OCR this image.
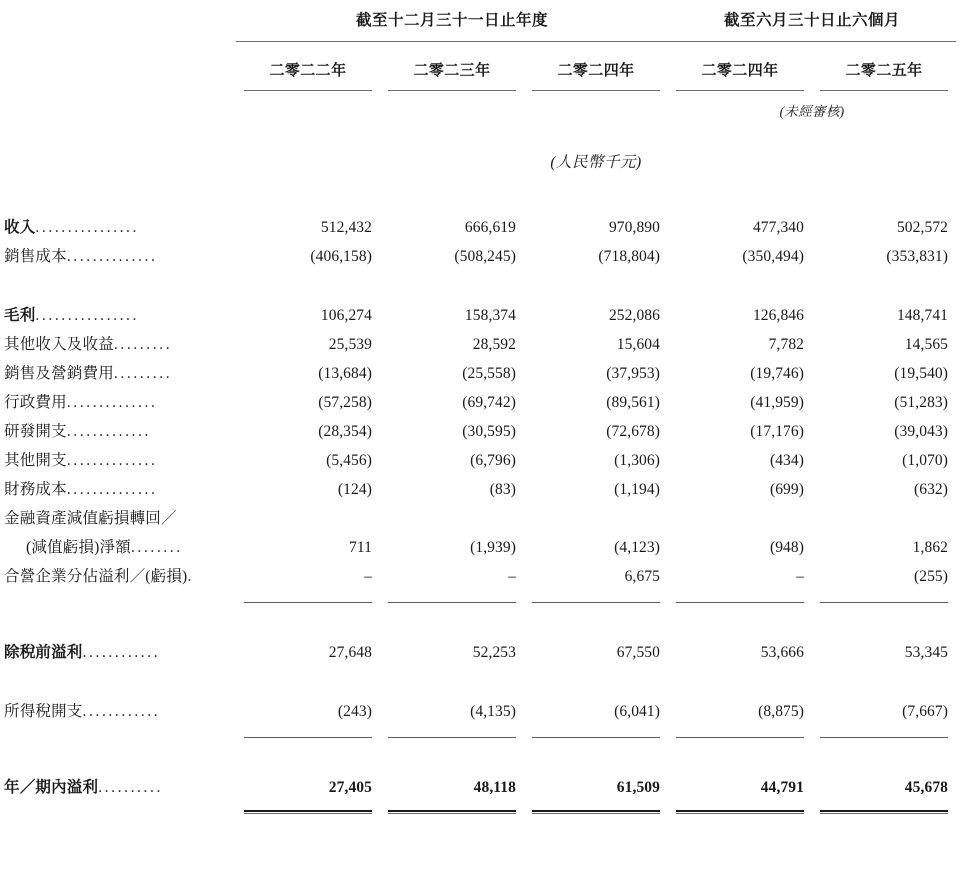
	截至十二月三十一日止年度			截至六月三十日止六個月	

	二零二二年	二零二三年	二零二四年	二零二四年	二零二五年

				(未經審核)	
	(人民幣千元)				

收入................	512,432	666,619	970,890	477,340	502,572
銷售成本..............	(406,158)	(508,245)	(718,804)	(350,494)	(353,831)

毛利................	106,274	158,374	252,086	126,846	148,741
其他收入及收益.........	25,539	28,592	15,604	7,782	14,565
銷售及營銷費用.........	(13,684)	(25,558)	(37,953)	(19,746)	(19,540)
行政費用..............	(57,258)	(69,742)	(89,561)	(41,959)	(51,283)
研發開支.............	(28,354)	(30,595)	(72,678)	(17,176)	(39,043)
其他開支..............	(5,456)	(6,796)	(1,306)	(434)	(1,070)
財務成本..............	(124)	(83)	(1,194)	(699)	(632)
金融資產減值虧損轉回／					
(減值虧損)淨額........	711	(1,939)	(4,123)	(948)	1,862
合營企業分佔溢利／(虧損).	–	–	6,675	–	(255)

除稅前溢利............	27,648	52,253	67,550	53,666	53,345

所得稅開支............	(243)	(4,135)	(6,041)	(8,875)	(7,667)

年／期內溢利..........	27,405	48,118	61,509	44,791	45,678
